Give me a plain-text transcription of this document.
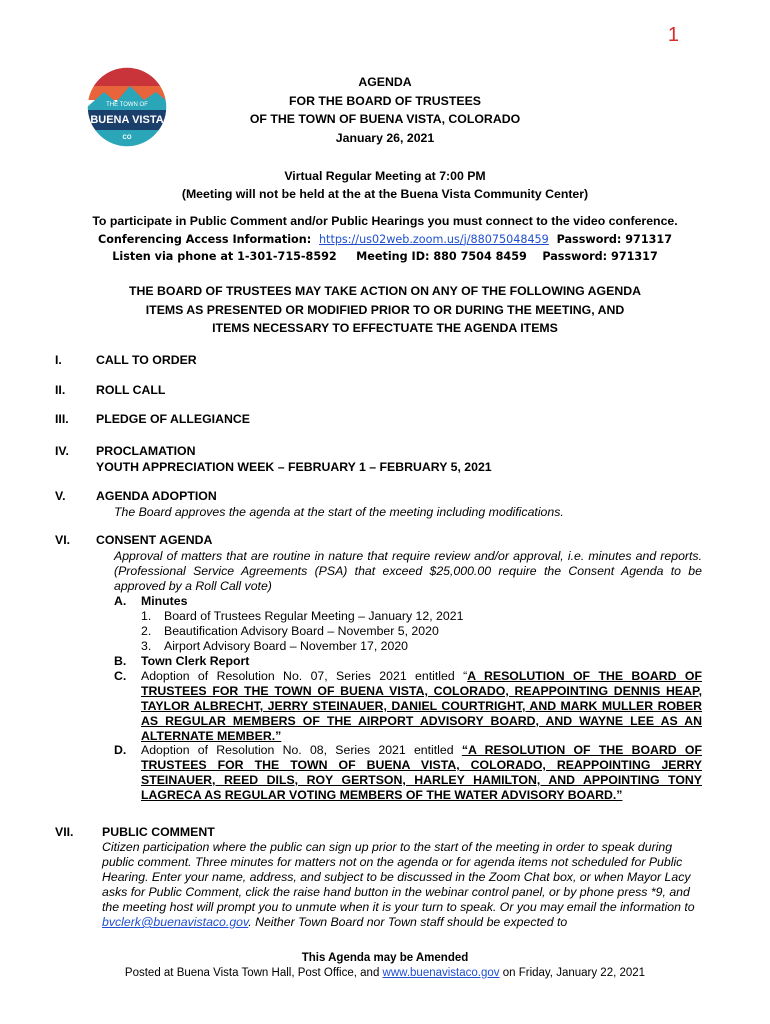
1
THE TOWN OF
BUENA VISTA
CO
AGENDA
FOR THE BOARD OF TRUSTEES
OF THE TOWN OF BUENA VISTA, COLORADO
January 26, 2021
Virtual Regular Meeting at 7:00 PM
(Meeting will not be held at the at the Buena Vista Community Center)
To participate in Public Comment and/or Public Hearings you must connect to the video conference.
Conferencing Access Information: https://us02web.zoom.us/j/88075048459 Password: 971317
Listen via phone at 1-301-715-8592 Meeting ID: 880 7504 8459 Password: 971317
THE BOARD OF TRUSTEES MAY TAKE ACTION ON ANY OF THE FOLLOWING AGENDA
ITEMS AS PRESENTED OR MODIFIED PRIOR TO OR DURING THE MEETING, AND
ITEMS NECESSARY TO EFFECTUATE THE AGENDA ITEMS
I.	CALL TO ORDER
II.	ROLL CALL
III. PLEDGE OF ALLEGIANCE
IV. PROCLAMATION
YOUTH APPRECIATION WEEK – FEBRUARY 1 – FEBRUARY 5, 2021
V. AGENDA ADOPTION
The Board approves the agenda at the start of the meeting including modifications.
VI. CONSENT AGENDA
Approval of matters that are routine in nature that require review and/or approval, i.e. minutes and reports. (Professional Service Agreements (PSA) that exceed $25,000.00 require the Consent Agenda to be approved by a Roll Call vote)
A. Minutes
1. Board of Trustees Regular Meeting – January 12, 2021
2. Beautification Advisory Board – November 5, 2020
3. Airport Advisory Board – November 17, 2020
B. Town Clerk Report
C. Adoption of Resolution No. 07, Series 2021 entitled “A RESOLUTION OF THE BOARD OF TRUSTEES FOR THE TOWN OF BUENA VISTA, COLORADO, REAPPOINTING DENNIS HEAP, TAYLOR ALBRECHT, JERRY STEINAUER, DANIEL COURTRIGHT, AND MARK MULLER ROBER AS REGULAR MEMBERS OF THE AIRPORT ADVISORY BOARD, AND WAYNE LEE AS AN ALTERNATE MEMBER.”
D. Adoption of Resolution No. 08, Series 2021 entitled “A RESOLUTION OF THE BOARD OF TRUSTEES FOR THE TOWN OF BUENA VISTA, COLORADO, REAPPOINTING JERRY STEINAUER, REED DILS, ROY GERTSON, HARLEY HAMILTON, AND APPOINTING TONY LAGRECA AS REGULAR VOTING MEMBERS OF THE WATER ADVISORY BOARD.”
VII. PUBLIC COMMENT
Citizen participation where the public can sign up prior to the start of the meeting in order to speak during public comment. Three minutes for matters not on the agenda or for agenda items not scheduled for Public Hearing. Enter your name, address, and subject to be discussed in the Zoom Chat box, or when Mayor Lacy asks for Public Comment, click the raise hand button in the webinar control panel, or by phone press *9, and the meeting host will prompt you to unmute when it is your turn to speak. Or you may email the information to bvclerk@buenavistaco.gov. Neither Town Board nor Town staff should be expected to
This Agenda may be Amended
Posted at Buena Vista Town Hall, Post Office, and www.buenavistaco.gov on Friday, January 22, 2021
